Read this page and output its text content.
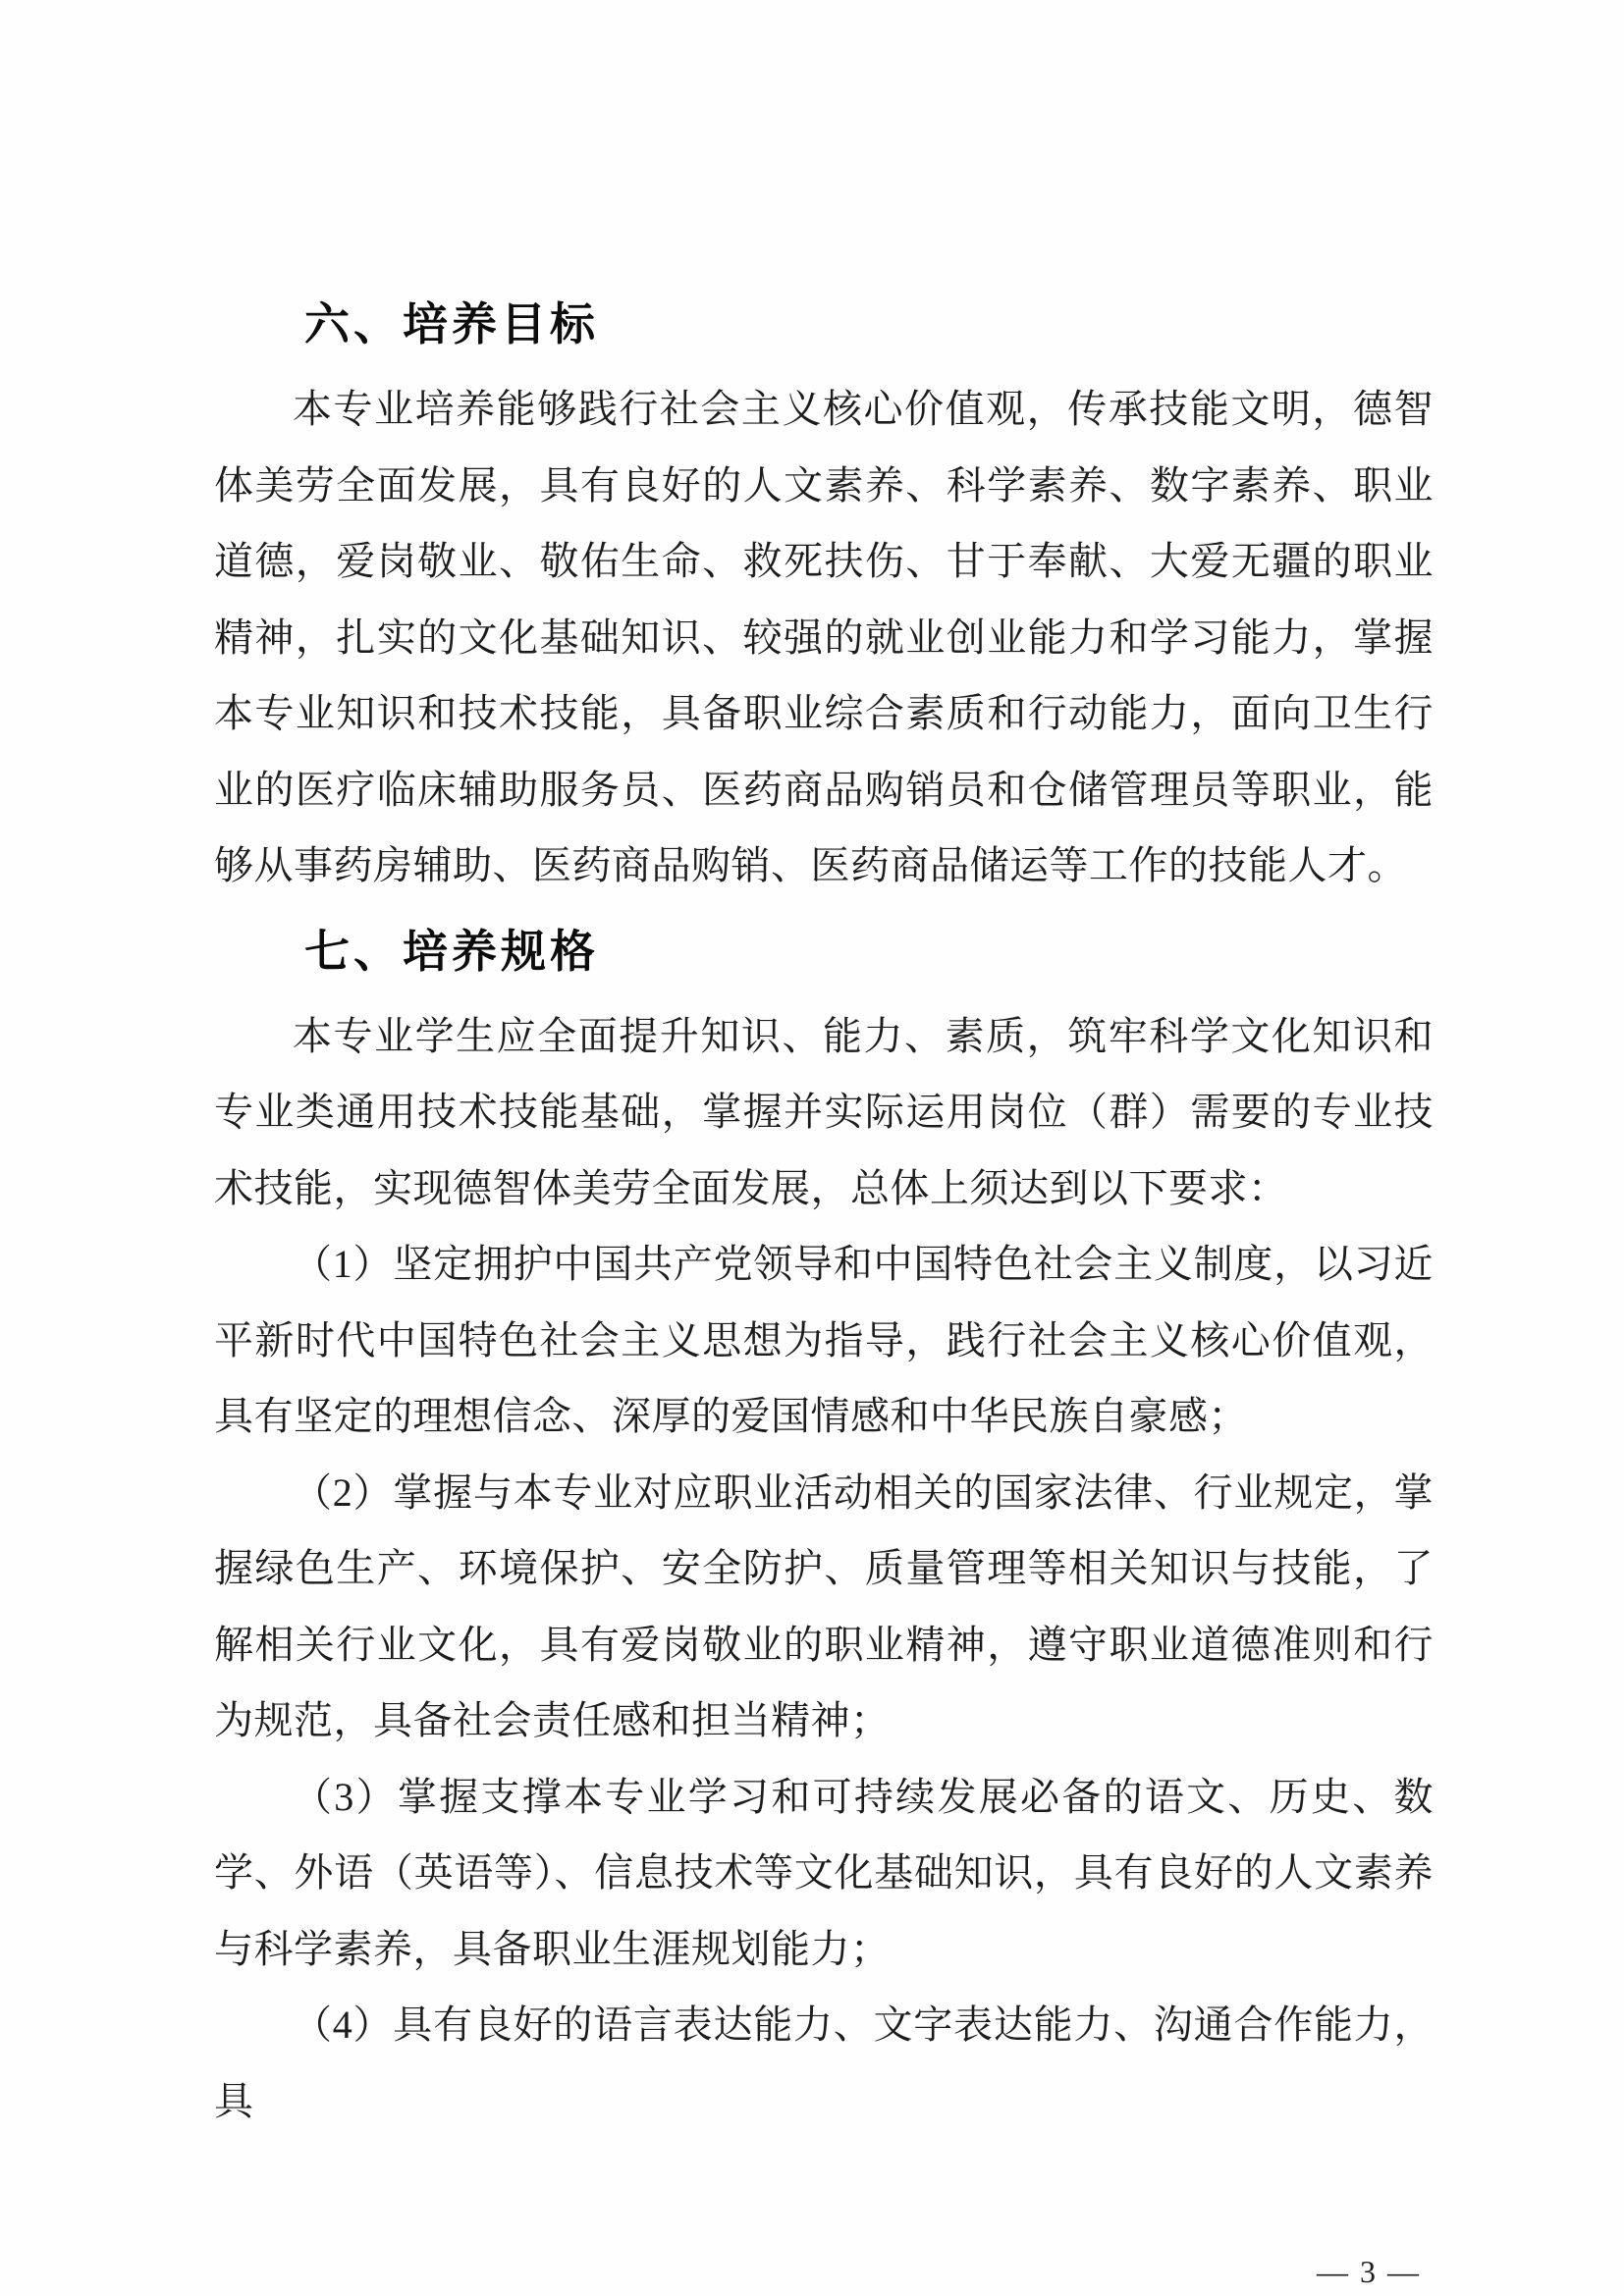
六、培养目标

本专业培养能够践行社会主义核心价值观，传承技能文明，德智体美劳全面发展，具有良好的人文素养、科学素养、数字素养、职业道德，爱岗敬业、敬佑生命、救死扶伤、甘于奉献、大爱无疆的职业精神，扎实的文化基础知识、较强的就业创业能力和学习能力，掌握本专业知识和技术技能，具备职业综合素质和行动能力，面向卫生行业的医疗临床辅助服务员、医药商品购销员和仓储管理员等职业，能够从事药房辅助、医药商品购销、医药商品储运等工作的技能人才。

七、培养规格

本专业学生应全面提升知识、能力、素质，筑牢科学文化知识和专业类通用技术技能基础，掌握并实际运用岗位（群）需要的专业技术技能，实现德智体美劳全面发展，总体上须达到以下要求：

（1）坚定拥护中国共产党领导和中国特色社会主义制度，以习近平新时代中国特色社会主义思想为指导，践行社会主义核心价值观，具有坚定的理想信念、深厚的爱国情感和中华民族自豪感；

（2）掌握与本专业对应职业活动相关的国家法律、行业规定，掌握绿色生产、环境保护、安全防护、质量管理等相关知识与技能，了解相关行业文化，具有爱岗敬业的职业精神，遵守职业道德准则和行为规范，具备社会责任感和担当精神；

（3）掌握支撑本专业学习和可持续发展必备的语文、历史、数学、外语（英语等）、信息技术等文化基础知识，具有良好的人文素养与科学素养，具备职业生涯规划能力；

（4）具有良好的语言表达能力、文字表达能力、沟通合作能力，具

— 3 —
